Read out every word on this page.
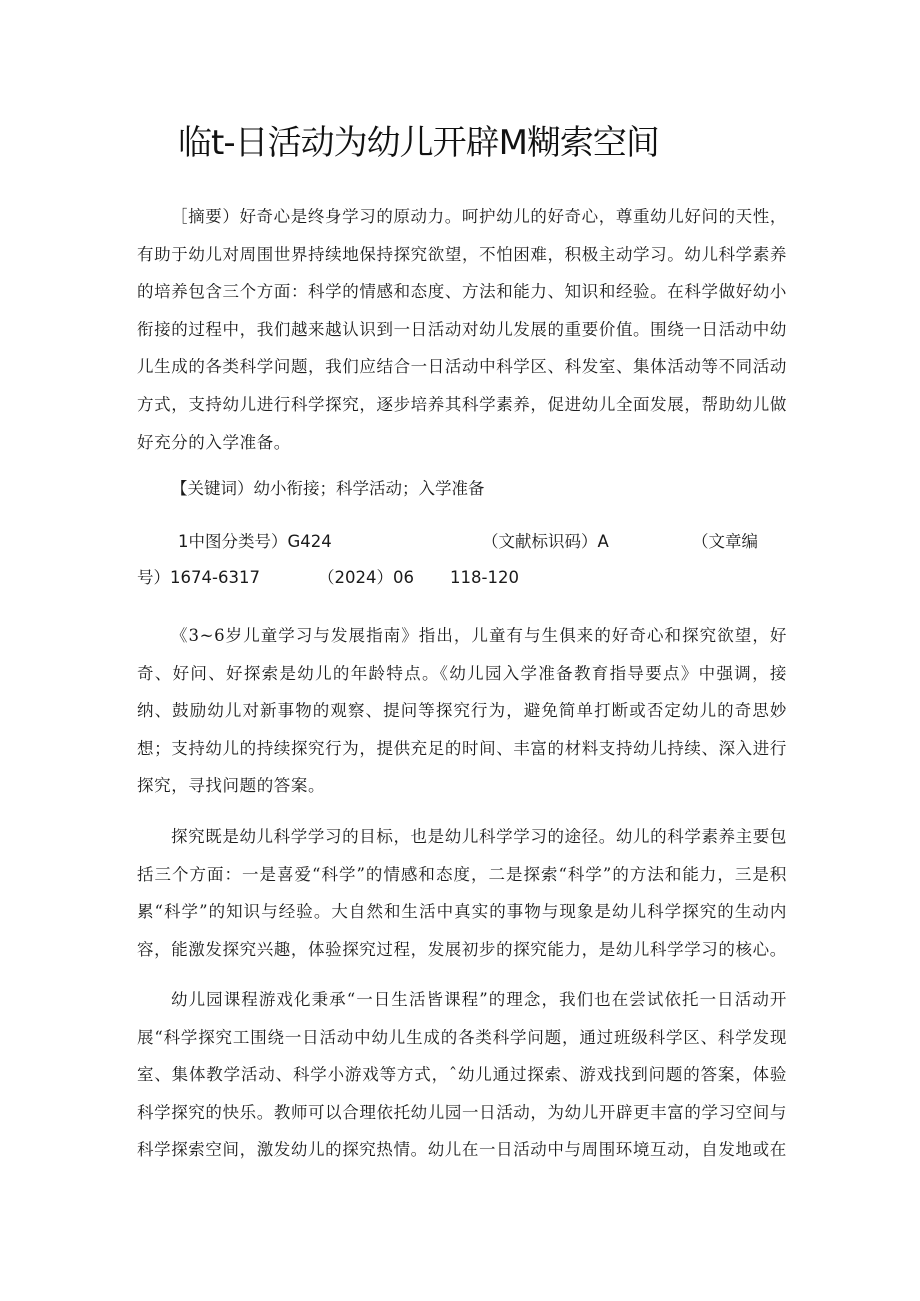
临t-日活动为幼儿开辟M糊索空间

［摘要）好奇心是终身学习的原动力。呵护幼儿的好奇心，尊重幼儿好问的天性，有助于幼儿对周围世界持续地保持探究欲望，不怕困难，积极主动学习。幼儿科学素养的培养包含三个方面：科学的情感和态度、方法和能力、知识和经验。在科学做好幼小衔接的过程中，我们越来越认识到一日活动对幼儿发展的重要价值。围绕一日活动中幼儿生成的各类科学问题，我们应结合一日活动中科学区、科发室、集体活动等不同活动方式，支持幼儿进行科学探究，逐步培养其科学素养，促进幼儿全面发展，帮助幼儿做好充分的入学准备。

【关键词）幼小衔接；科学活动；入学准备
1中图分类号）G424	（文献标识码）A	（文章编
号）1674-6317	（2024）06 118-120

《3~6岁儿童学习与发展指南》指出，儿童有与生俱来的好奇心和探究欲望，好奇、好问、好探索是幼儿的年龄特点。《幼儿园入学准备教育指导要点》中强调，接纳、鼓励幼儿对新事物的观察、提问等探究行为，避免简单打断或否定幼儿的奇思妙想；支持幼儿的持续探究行为，提供充足的时间、丰富的材料支持幼儿持续、深入进行探究，寻找问题的答案。

探究既是幼儿科学学习的目标，也是幼儿科学学习的途径。幼儿的科学素养主要包括三个方面：一是喜爱“科学”的情感和态度，二是探索“科学”的方法和能力，三是积累“科学”的知识与经验。大自然和生活中真实的事物与现象是幼儿科学探究的生动内容，能激发探究兴趣，体验探究过程，发展初步的探究能力，是幼儿科学学习的核心。

幼儿园课程游戏化秉承“一日生活皆课程”的理念，我们也在尝试依托一日活动开展“科学探究工围绕一日活动中幼儿生成的各类科学问题，通过班级科学区、科学发现室、集体教学活动、科学小游戏等方式，ˆ幼儿通过探索、游戏找到问题的答案，体验科学探究的快乐。教师可以合理依托幼儿园一日活动，为幼儿开辟更丰富的学习空间与科学探索空间，激发幼儿的探究热情。幼儿在一日活动中与周围环境互动，自发地或在
